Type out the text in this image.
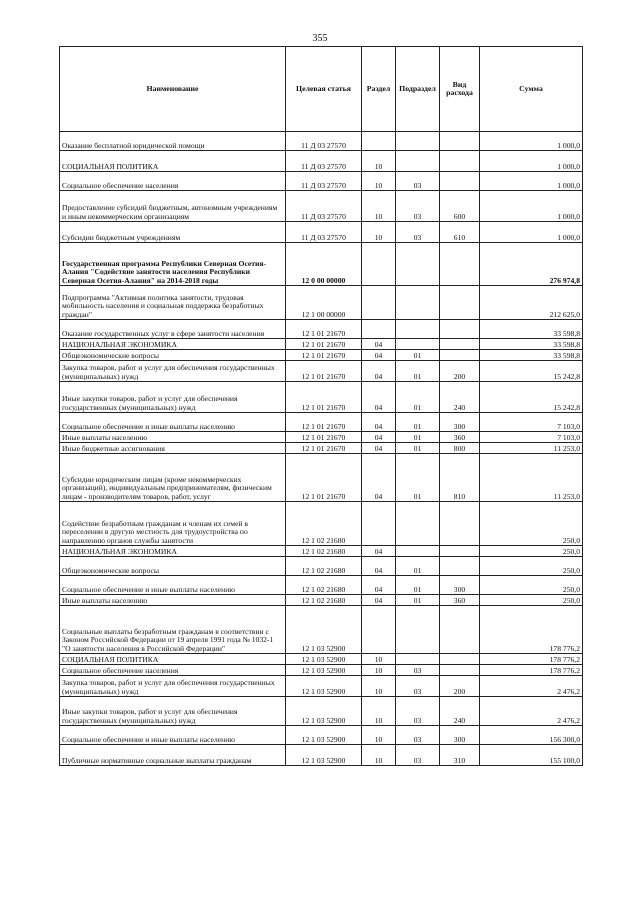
355
Наименование	Целевая статья	Раздел	Подраздел	Вид расхода	Сумма
Оказание бесплатной юридической помощи	11 Д 03 27570				1 000,0
СОЦИАЛЬНАЯ ПОЛИТИКА	11 Д 03 27570	10			1 000,0
Социальное обеспечение населения	11 Д 03 27570	10	03		1 000,0
Предоставление субсидий бюджетным, автономным учреждениям и иным некоммерческим организациям	11 Д 03 27570	10	03	600	1 000,0
Субсидии бюджетным учреждениям	11 Д 03 27570	10	03	610	1 000,0
Государственная программа Республики Северная Осетия-Алания "Содействие занятости населения Республики Северная Осетия-Алания" на 2014-2018 годы	12 0 00 00000				276 974,8
Подпрограмма "Активная политика занятости, трудовая мобильность населения и социальная поддержка безработных граждан"	12 1 00 00000				212 625,0
Оказание государственных услуг в сфере занятости населения	12 1 01 21670				33 598,8
НАЦИОНАЛЬНАЯ ЭКОНОМИКА	12 1 01 21670	04			33 598,8
Общеэкономические вопросы	12 1 01 21670	04	01		33 598,8
Закупка товаров, работ и услуг для обеспечения государственных (муниципальных) нужд	12 1 01 21670	04	01	200	15 242,8
Иные закупки товаров, работ и услуг для обеспечения государственных (муниципальных) нужд	12 1 01 21670	04	01	240	15 242,8
Социальное обеспечение и иные выплаты населению	12 1 01 21670	04	01	300	7 103,0
Иные выплаты населению	12 1 01 21670	04	01	360	7 103,0
Иные бюджетные ассигнования	12 1 01 21670	04	01	800	11 253,0
Субсидии юридическим лицам (кроме некоммерческих организаций), индивидуальным предпринимателям, физическим лицам - производителям товаров, работ, услуг	12 1 01 21670	04	01	810	11 253,0
Содействие безработным гражданам и членам их семей в переселении в другую местность для трудоустройства по направлению органов службы занятости	12 1 02 21680				250,0
НАЦИОНАЛЬНАЯ ЭКОНОМИКА	12 1 02 21680	04			250,0
Общеэкономические вопросы	12 1 02 21680	04	01		250,0
Социальное обеспечение и иные выплаты населению	12 1 02 21680	04	01	300	250,0
Иные выплаты населению	12 1 02 21680	04	01	360	250,0
Социальные выплаты безработным гражданам в соответствии с Законом Российской Федерации от 19 апреля 1991 года № 1032-1 "О занятости населения в Российской Федерации"	12 1 03 52900				178 776,2
СОЦИАЛЬНАЯ ПОЛИТИКА	12 1 03 52900	10			178 776,2
Социальное обеспечение населения	12 1 03 52900	10	03		178 776,2
Закупка товаров, работ и услуг для обеспечения государственных (муниципальных) нужд	12 1 03 52900	10	03	200	2 476,2
Иные закупки товаров, работ и услуг для обеспечения государственных (муниципальных) нужд	12 1 03 52900	10	03	240	2 476,2
Социальное обеспечение и иные выплаты населению	12 1 03 52900	10	03	300	156 300,0
Публичные нормативные социальные выплаты гражданам	12 1 03 52900	10	03	310	155 100,0
